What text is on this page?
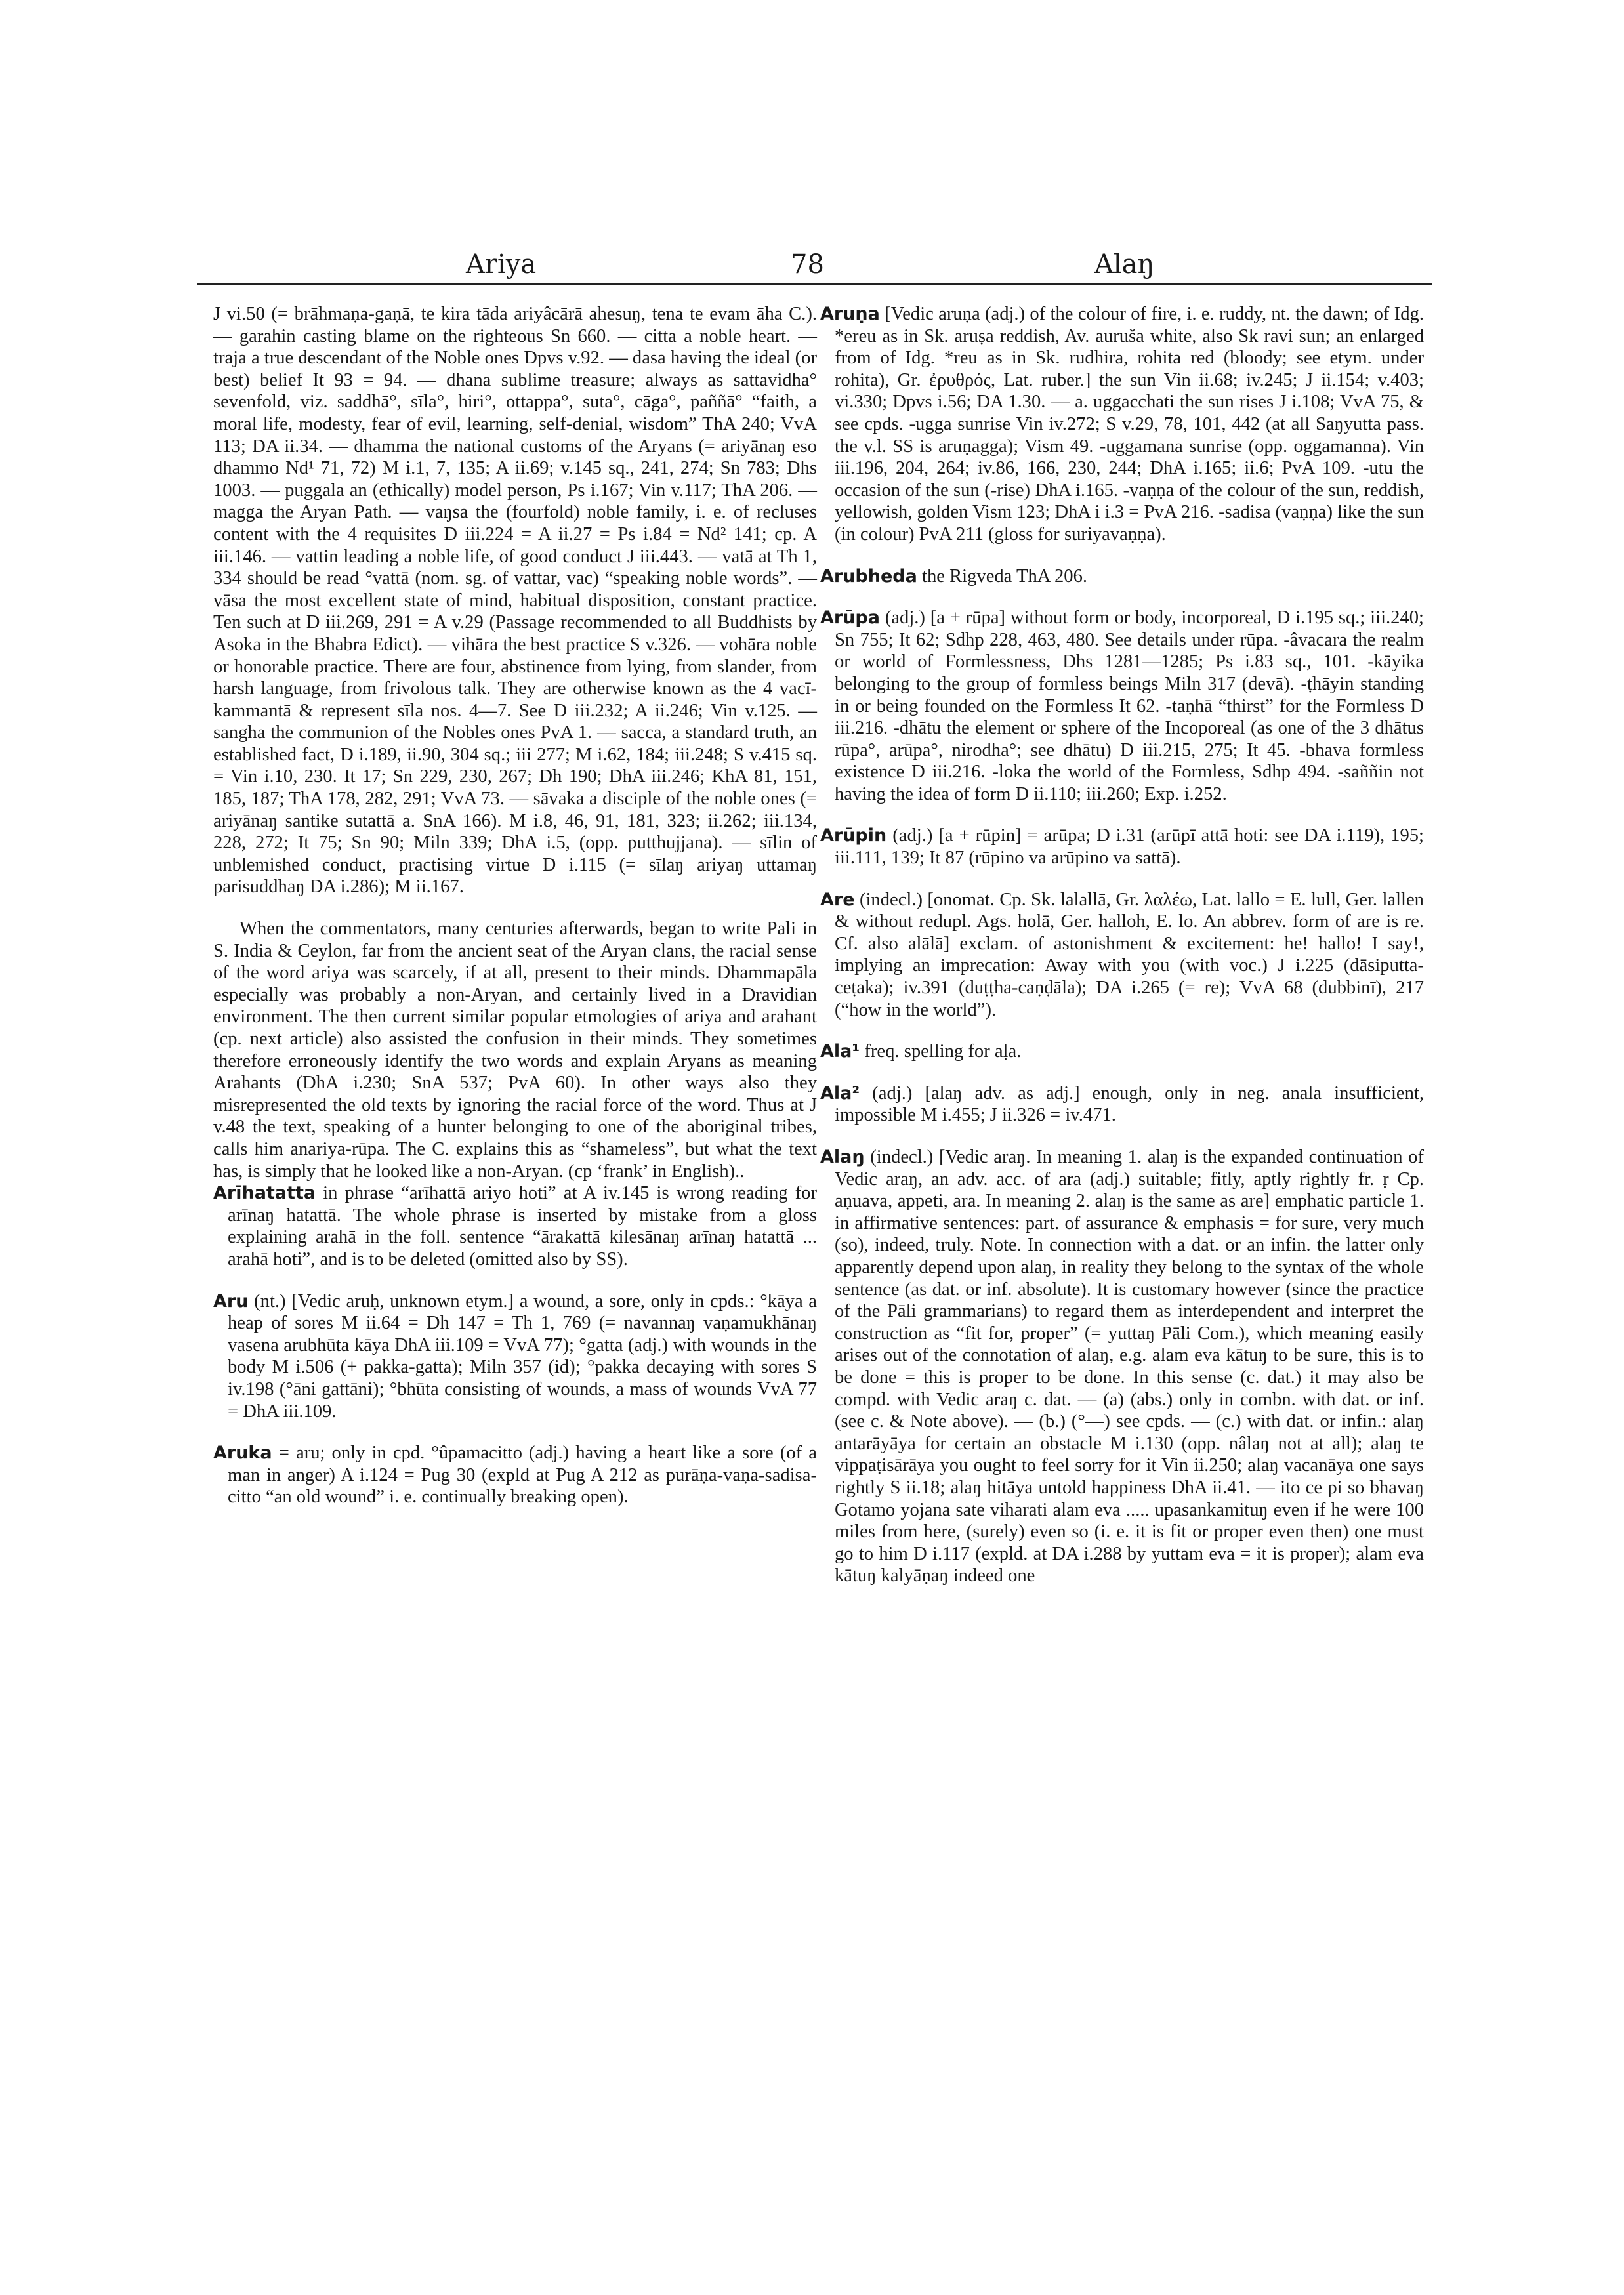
Ariya	78	Alaŋ

J vi.50 (= brāhmaṇa-gaṇā, te kira tāda ariyâcārā ahesuŋ, tena te evam āha C.). — garahin casting blame on the righteous Sn 660. — citta a noble heart. — traja a true descendant of the Noble ones Dpvs v.92. — dasa having the ideal (or best) belief It 93 = 94. — dhana sublime treasure; always as sattavidha° sevenfold, viz. saddhā°, sīla°, hiri°, ottappa°, suta°, cāga°, paññā° “faith, a moral life, modesty, fear of evil, learning, self-denial, wisdom” ThA 240; VvA 113; DA ii.34. — dhamma the national customs of the Aryans (= ariyānaŋ eso dhammo Nd¹ 71, 72) M i.1, 7, 135; A ii.69; v.145 sq., 241, 274; Sn 783; Dhs 1003. — puggala an (ethically) model person, Ps i.167; Vin v.117; ThA 206. — magga the Aryan Path. — vaŋsa the (fourfold) noble family, i. e. of recluses content with the 4 requisites D iii.224 = A ii.27 = Ps i.84 = Nd² 141; cp. A iii.146. — vattin leading a noble life, of good conduct J iii.443. — vatā at Th 1, 334 should be read °vattā (nom. sg. of vattar, vac) “speaking noble words”. — vāsa the most excellent state of mind, habitual disposition, constant practice. Ten such at D iii.269, 291 = A v.29 (Passage recommended to all Buddhists by Asoka in the Bhabra Edict). — vihāra the best practice S v.326. — vohāra noble or honorable practice. There are four, abstinence from lying, from slander, from harsh language, from frivolous talk. They are otherwise known as the 4 vacī-kammantā & represent sīla nos. 4—7. See D iii.232; A ii.246; Vin v.125. — sangha the communion of the Nobles ones PvA 1. — sacca, a standard truth, an established fact, D i.189, ii.90, 304 sq.; iii 277; M i.62, 184; iii.248; S v.415 sq. = Vin i.10, 230. It 17; Sn 229, 230, 267; Dh 190; DhA iii.246; KhA 81, 151, 185, 187; ThA 178, 282, 291; VvA 73. — sāvaka a disciple of the noble ones (= ariyānaŋ santike sutattā a. SnA 166). M i.8, 46, 91, 181, 323; ii.262; iii.134, 228, 272; It 75; Sn 90; Miln 339; DhA i.5, (opp. putthujjana). — sīlin of unblemished conduct, practising virtue D i.115 (= sīlaŋ ariyaŋ uttamaŋ parisuddhaŋ DA i.286); M ii.167.

When the commentators, many centuries afterwards, began to write Pali in S. India & Ceylon, far from the ancient seat of the Aryan clans, the racial sense of the word ariya was scarcely, if at all, present to their minds. Dhammapāla especially was probably a non-Aryan, and certainly lived in a Dravidian environment. The then current similar popular etmologies of ariya and arahant (cp. next article) also assisted the confusion in their minds. They sometimes therefore erroneously identify the two words and explain Aryans as meaning Arahants (DhA i.230; SnA 537; PvA 60). In other ways also they misrepresented the old texts by ignoring the racial force of the word. Thus at J v.48 the text, speaking of a hunter belonging to one of the aboriginal tribes, calls him anariya-rūpa. The C. explains this as “shameless”, but what the text has, is simply that he looked like a non-Aryan. (cp ‘frank’ in English)..

Arīhatatta in phrase “arīhattā ariyo hoti” at A iv.145 is wrong reading for arīnaŋ hatattā. The whole phrase is inserted by mistake from a gloss explaining arahā in the foll. sentence “ārakattā kilesānaŋ arīnaŋ hatattā ... arahā hoti”, and is to be deleted (omitted also by SS).

Aru (nt.) [Vedic aruḥ, unknown etym.] a wound, a sore, only in cpds.: °kāya a heap of sores M ii.64 = Dh 147 = Th 1, 769 (= navannaŋ vaṇamukhānaŋ vasena arubhūta kāya DhA iii.109 = VvA 77); °gatta (adj.) with wounds in the body M i.506 (+ pakka-gatta); Miln 357 (id); °pakka decaying with sores S iv.198 (°āni gattāni); °bhūta consisting of wounds, a mass of wounds VvA 77 = DhA iii.109.

Aruka = aru; only in cpd. °ûpamacitto (adj.) having a heart like a sore (of a man in anger) A i.124 = Pug 30 (expld at Pug A 212 as purāṇa-vaṇa-sadisa-citto “an old wound” i. e. continually breaking open).

Aruṇa [Vedic aruṇa (adj.) of the colour of fire, i. e. ruddy, nt. the dawn; of Idg. *ereu as in Sk. aruṣa reddish, Av. auruša white, also Sk ravi sun; an enlarged from of Idg. *reu as in Sk. rudhira, rohita red (bloody; see etym. under rohita), Gr. ἐρυθρός, Lat. ruber.] the sun Vin ii.68; iv.245; J ii.154; v.403; vi.330; Dpvs i.56; DA 1.30. — a. uggacchati the sun rises J i.108; VvA 75, & see cpds. -ugga sunrise Vin iv.272; S v.29, 78, 101, 442 (at all Saŋyutta pass. the v.l. SS is aruṇagga); Vism 49. -uggamana sunrise (opp. oggamanna). Vin iii.196, 204, 264; iv.86, 166, 230, 244; DhA i.165; ii.6; PvA 109. -utu the occasion of the sun (-rise) DhA i.165. -vaṇṇa of the colour of the sun, reddish, yellowish, golden Vism 123; DhA i i.3 = PvA 216. -sadisa (vaṇṇa) like the sun (in colour) PvA 211 (gloss for suriyavaṇṇa).

Arubheda the Rigveda ThA 206.

Arūpa (adj.) [a + rūpa] without form or body, incorporeal, D i.195 sq.; iii.240; Sn 755; It 62; Sdhp 228, 463, 480. See details under rūpa. -âvacara the realm or world of Formlessness, Dhs 1281—1285; Ps i.83 sq., 101. -kāyika belonging to the group of formless beings Miln 317 (devā). -ṭhāyin standing in or being founded on the Formless It 62. -taṇhā “thirst” for the Formless D iii.216. -dhātu the element or sphere of the Incoporeal (as one of the 3 dhātus rūpa°, arūpa°, nirodha°; see dhātu) D iii.215, 275; It 45. -bhava formless existence D iii.216. -loka the world of the Formless, Sdhp 494. -saññin not having the idea of form D ii.110; iii.260; Exp. i.252.

Arūpin (adj.) [a + rūpin] = arūpa; D i.31 (arūpī attā hoti: see DA i.119), 195; iii.111, 139; It 87 (rūpino va arūpino va sattā).

Are (indecl.) [onomat. Cp. Sk. lalallā, Gr. λαλέω, Lat. lallo = E. lull, Ger. lallen & without redupl. Ags. holā, Ger. halloh, E. lo. An abbrev. form of are is re. Cf. also alālā] exclam. of astonishment & excitement: he! hallo! I say!, implying an imprecation: Away with you (with voc.) J i.225 (dāsiputta-ceṭaka); iv.391 (duṭṭha-caṇḍāla); DA i.265 (= re); VvA 68 (dubbinī), 217 (“how in the world”).

Ala¹ freq. spelling for aḷa.

Ala² (adj.) [alaŋ adv. as adj.] enough, only in neg. anala insufficient, impossible M i.455; J ii.326 = iv.471.

Alaŋ (indecl.) [Vedic araŋ. In meaning 1. alaŋ is the expanded continuation of Vedic araŋ, an adv. acc. of ara (adj.) suitable; fitly, aptly rightly fr. ṛ Cp. aṇuava, appeti, ara. In meaning 2. alaŋ is the same as are] emphatic particle 1. in affirmative sentences: part. of assurance & emphasis = for sure, very much (so), indeed, truly. Note. In connection with a dat. or an infin. the latter only apparently depend upon alaŋ, in reality they belong to the syntax of the whole sentence (as dat. or inf. absolute). It is customary however (since the practice of the Pāli grammarians) to regard them as interdependent and interpret the construction as “fit for, proper” (= yuttaŋ Pāli Com.), which meaning easily arises out of the connotation of alaŋ, e.g. alam eva kātuŋ to be sure, this is to be done = this is proper to be done. In this sense (c. dat.) it may also be compd. with Vedic araŋ c. dat. — (a) (abs.) only in combn. with dat. or inf. (see c. & Note above). — (b.) (°—) see cpds. — (c.) with dat. or infin.: alaŋ antarāyāya for certain an obstacle M i.130 (opp. nâlaŋ not at all); alaŋ te vippaṭisārāya you ought to feel sorry for it Vin ii.250; alaŋ vacanāya one says rightly S ii.18; alaŋ hitāya untold happiness DhA ii.41. — ito ce pi so bhavaŋ Gotamo yojana sate viharati alam eva ..... upasankamituŋ even if he were 100 miles from here, (surely) even so (i. e. it is fit or proper even then) one must go to him D i.117 (expld. at DA i.288 by yuttam eva = it is proper); alam eva kātuŋ kalyāṇaŋ indeed one
